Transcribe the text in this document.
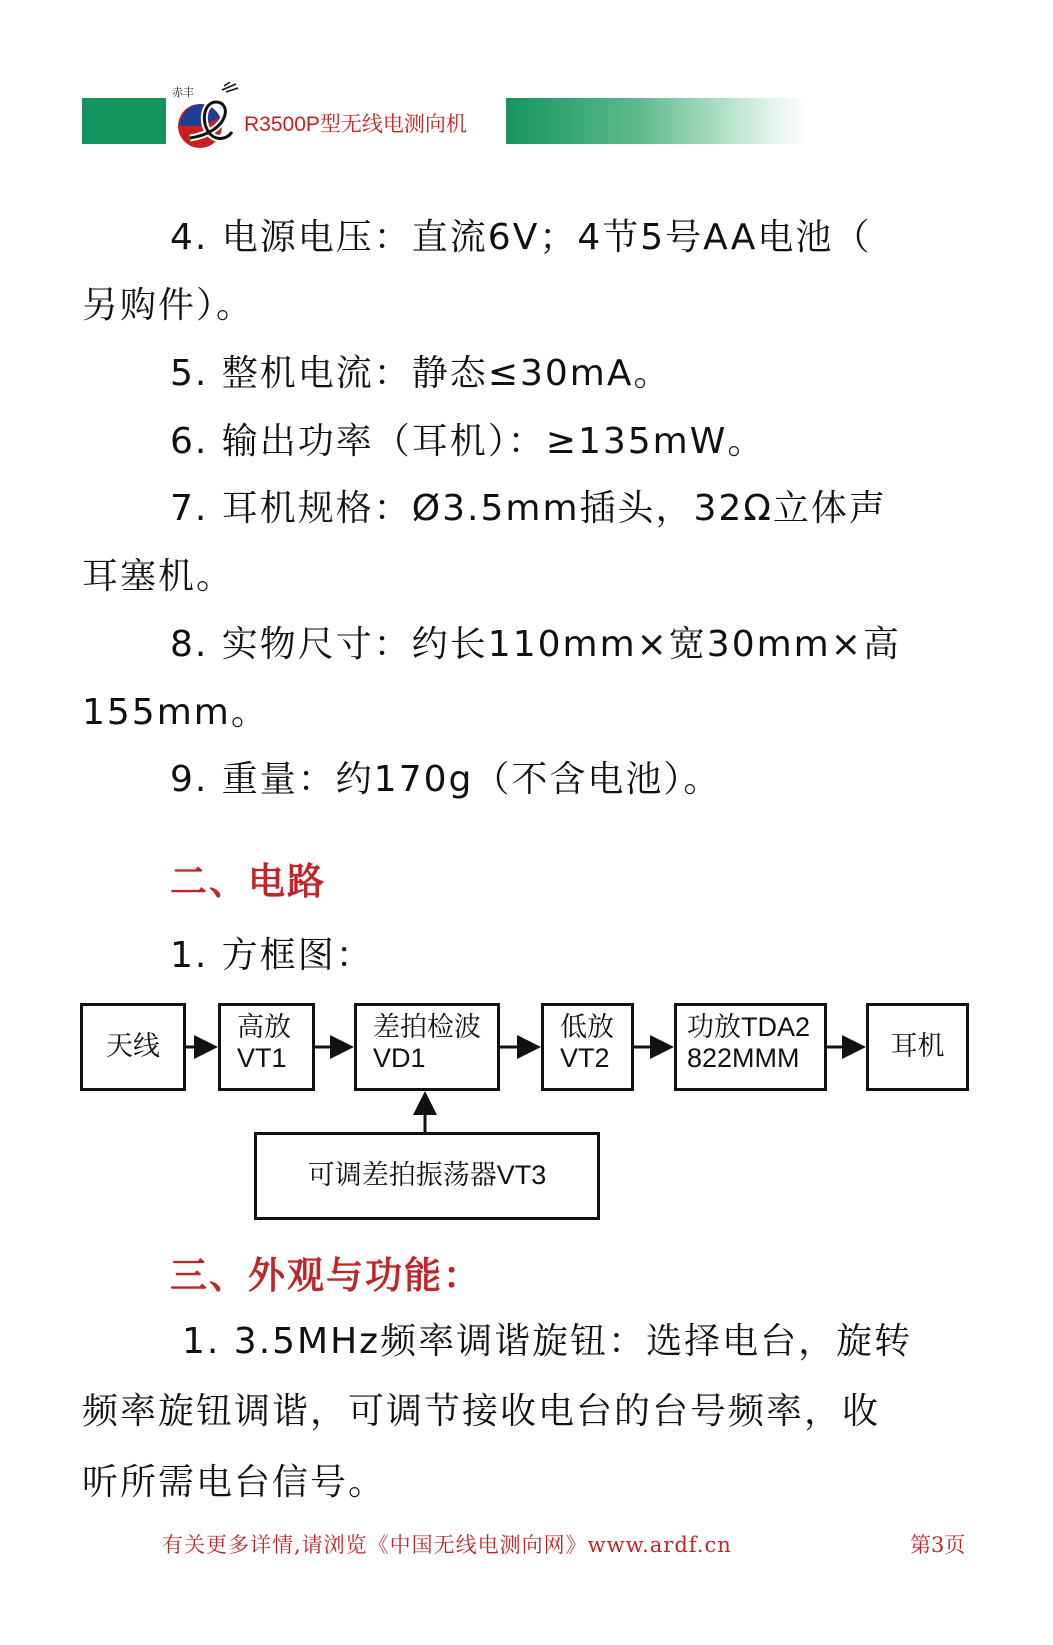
赤丰
R3500P型无线电测向机
4. 电源电压：直流6V；4节5号AA电池（
另购件）。
5. 整机电流：静态≤30mA。
6. 输出功率（耳机）：≥135mW。
7. 耳机规格：Ø3.5mm插头，32Ω立体声
耳塞机。
8. 实物尺寸：约长110mm×宽30mm×高
155mm。
9. 重量：约170g（不含电池）。
二、电路
1. 方框图：
天线
高放
VT1
差拍检波
VD1
低放
VT2
功放TDA2
822MMM	耳机
可调差拍振荡器VT3
三、外观与功能：
1. 3.5MHz频率调谐旋钮：选择电台，旋转
频率旋钮调谐，可调节接收电台的台号频率，收
听所需电台信号。
有关更多详情,请浏览《中国无线电测向网》www.ardf.cn	第3页
